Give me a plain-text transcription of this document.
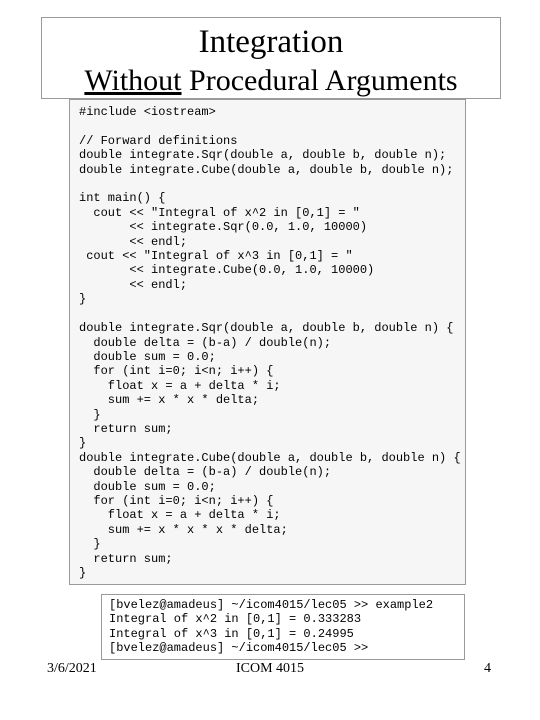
Integration
Without Procedural Arguments
#include <iostream>

// Forward definitions
double integrate.Sqr(double a, double b, double n);
double integrate.Cube(double a, double b, double n);

int main() {
cout << "Integral of x^2 in [0,1] = "
<< integrate.Sqr(0.0, 1.0, 10000)
<< endl;
cout << "Integral of x^3 in [0,1] = "
<< integrate.Cube(0.0, 1.0, 10000)
<< endl;
}

double integrate.Sqr(double a, double b, double n) {
double delta = (b-a) / double(n);
double sum = 0.0;
for (int i=0; i<n; i++) {
float x = a + delta * i;
sum += x * x * delta;
}
return sum;
}
double integrate.Cube(double a, double b, double n) {
double delta = (b-a) / double(n);
double sum = 0.0;
for (int i=0; i<n; i++) {
float x = a + delta * i;
sum += x * x * x * delta;
}
return sum;
}
[bvelez@amadeus] ~/icom4015/lec05 >> example2
Integral of x^2 in [0,1] = 0.333283
Integral of x^3 in [0,1] = 0.24995
[bvelez@amadeus] ~/icom4015/lec05 >>
3/6/2021	ICOM 4015	4
